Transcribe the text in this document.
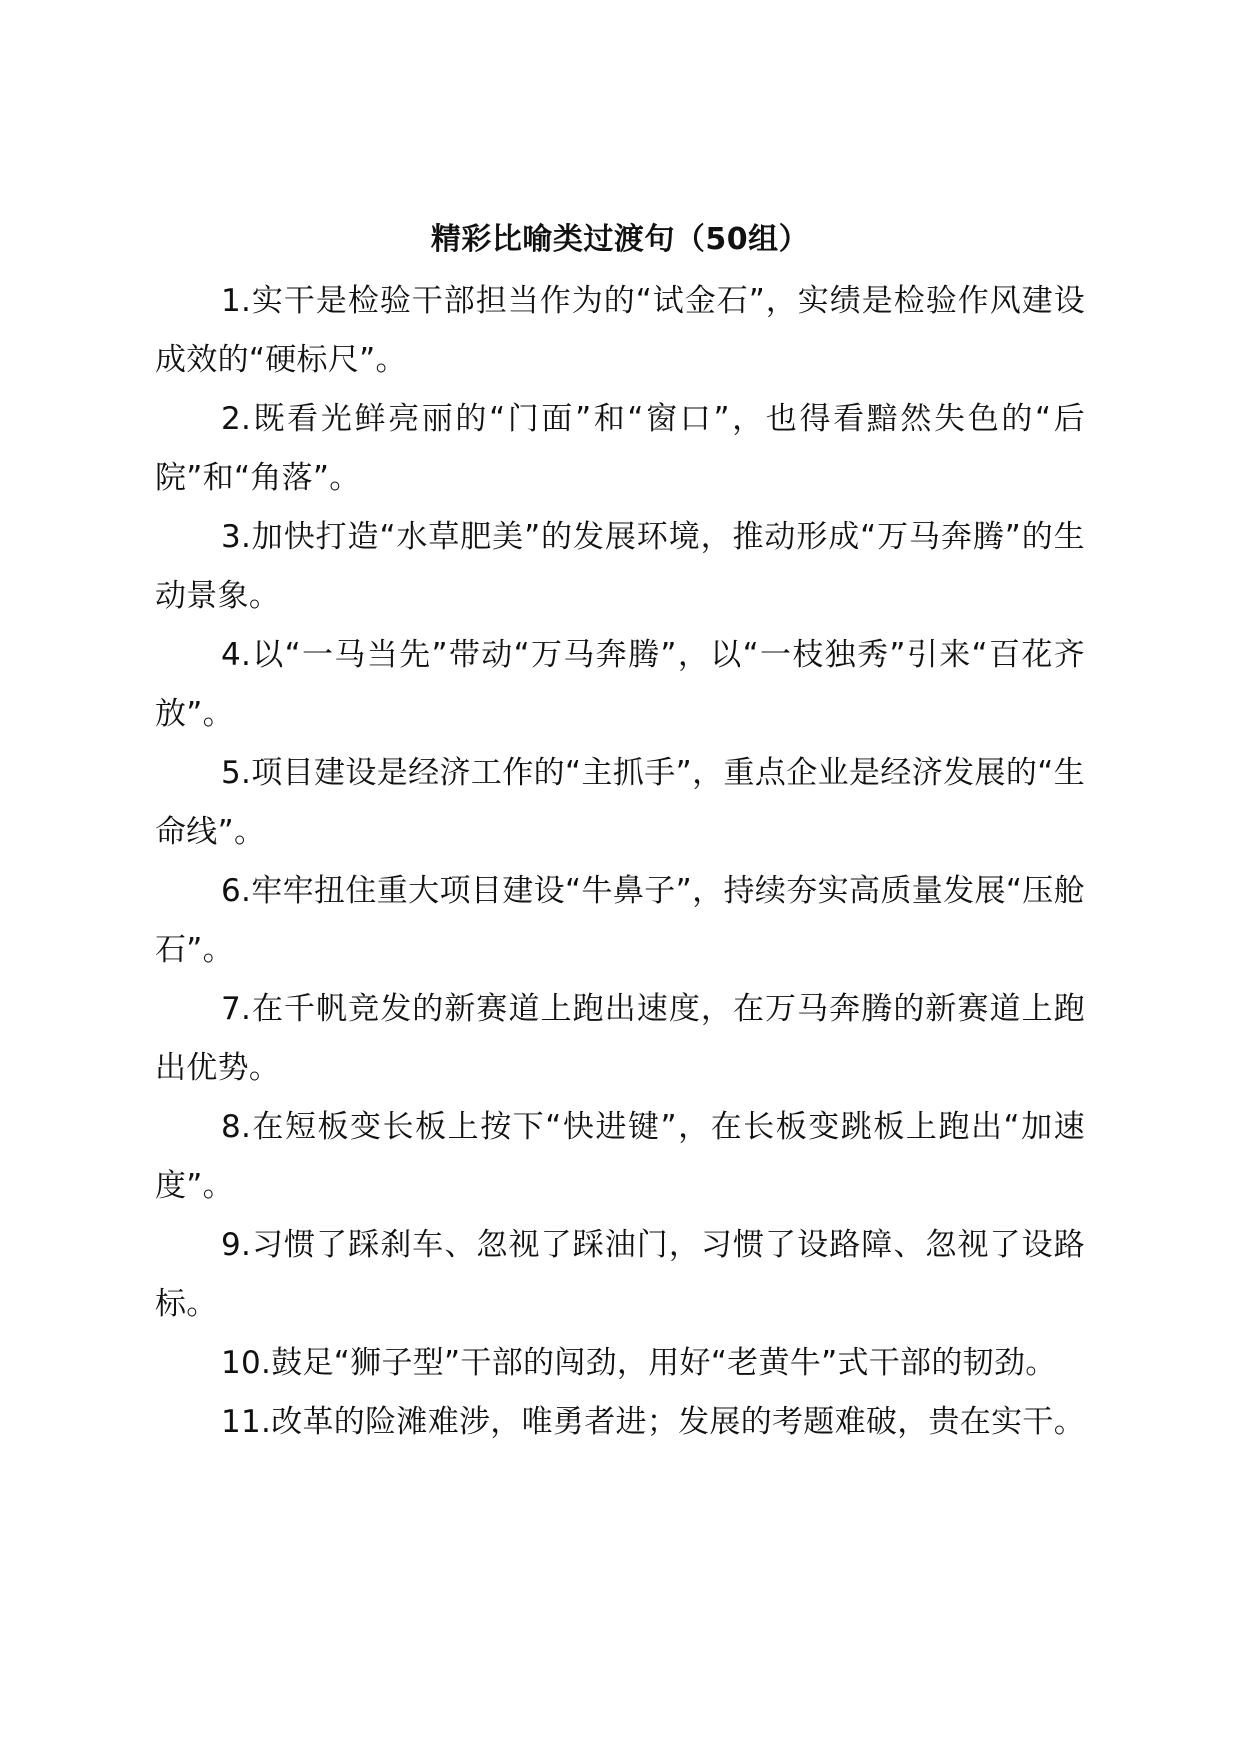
精彩比喻类过渡句（50组）

1.实干是检验干部担当作为的“试金石”，实绩是检验作风建设成效的“硬标尺”。

2.既看光鲜亮丽的“门面”和“窗口”，也得看黯然失色的“后院”和“角落”。

3.加快打造“水草肥美”的发展环境，推动形成“万马奔腾”的生动景象。

4.以“一马当先”带动“万马奔腾”，以“一枝独秀”引来“百花齐放”。

5.项目建设是经济工作的“主抓手”，重点企业是经济发展的“生命线”。

6.牢牢扭住重大项目建设“牛鼻子”，持续夯实高质量发展“压舱石”。

7.在千帆竞发的新赛道上跑出速度，在万马奔腾的新赛道上跑出优势。

8.在短板变长板上按下“快进键”，在长板变跳板上跑出“加速度”。

9.习惯了踩刹车、忽视了踩油门，习惯了设路障、忽视了设路标。

10.鼓足“狮子型”干部的闯劲，用好“老黄牛”式干部的韧劲。

11.改革的险滩难涉，唯勇者进；发展的考题难破，贵在实干。
